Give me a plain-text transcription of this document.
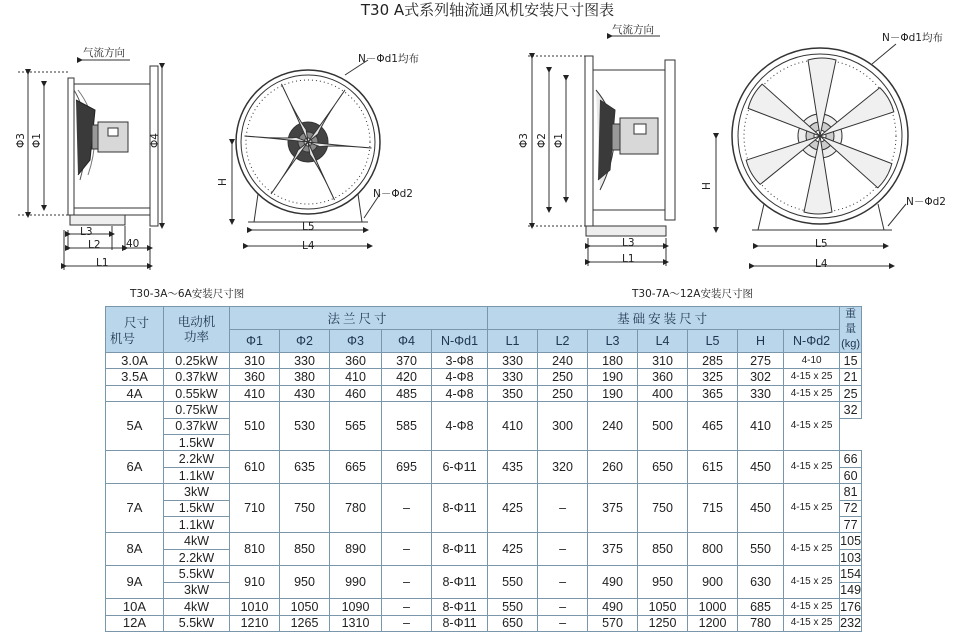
T30 A式系列轴流通风机安装尺寸图表
气流方向	N－Φd1均布
N－Φd2
Φ3 Φ1	Φ4
H
L3
L2 40
L1
L5
L4
气流方向
N－Φd1均布
N－Φd2
Φ3 Φ2 Φ1
H
L3
L1
L5
L4
T30-3A～6A安装尺寸图	T30-7A～12A安装尺寸图
尺寸
机号	电动机
功率	法兰尺寸					基础安装尺寸							重量
(kg)
		Φ1	Φ2	Φ3	Φ4	N-Φd1	L1	L2	L3	L4	L5	H	N-Φd2	
3.0A	0.25kW	310	330	360	370	3-Φ8	330	240	180	310	285	275	4-10	15
3.5A	0.37kW	360	380	410	420	4-Φ8	330	250	190	360	325	302	4-15 x 25	21
4A	0.55kW	410	430	460	485	4-Φ8	350	250	190	400	365	330	4-15 x 25	25
5A	0.75kW	510	530	565	585	4-Φ8	410	300	240	500	465	410	4-15 x 25	32
	0.37kW													
	1.5kW													
6A	2.2kW	610	635	665	695	6-Φ11	435	320	260	650	615	450	4-15 x 25	66
	1.1kW													60
7A	3kW	710	750	780	–	8-Φ11	425	–	375	750	715	450	4-15 x 25	81
	1.5kW													72
	1.1kW													77
8A	4kW	810	850	890	–	8-Φ11	425	–	375	850	800	550	4-15 x 25	105
	2.2kW													103
9A	5.5kW	910	950	990	–	8-Φ11	550	–	490	950	900	630	4-15 x 25	154
	3kW													149
10A	4kW	1010	1050	1090	–	8-Φ11	550	–	490	1050	1000	685	4-15 x 25	176
12A	5.5kW	1210	1265	1310	–	8-Φ11	650	–	570	1250	1200	780	4-15 x 25	232
